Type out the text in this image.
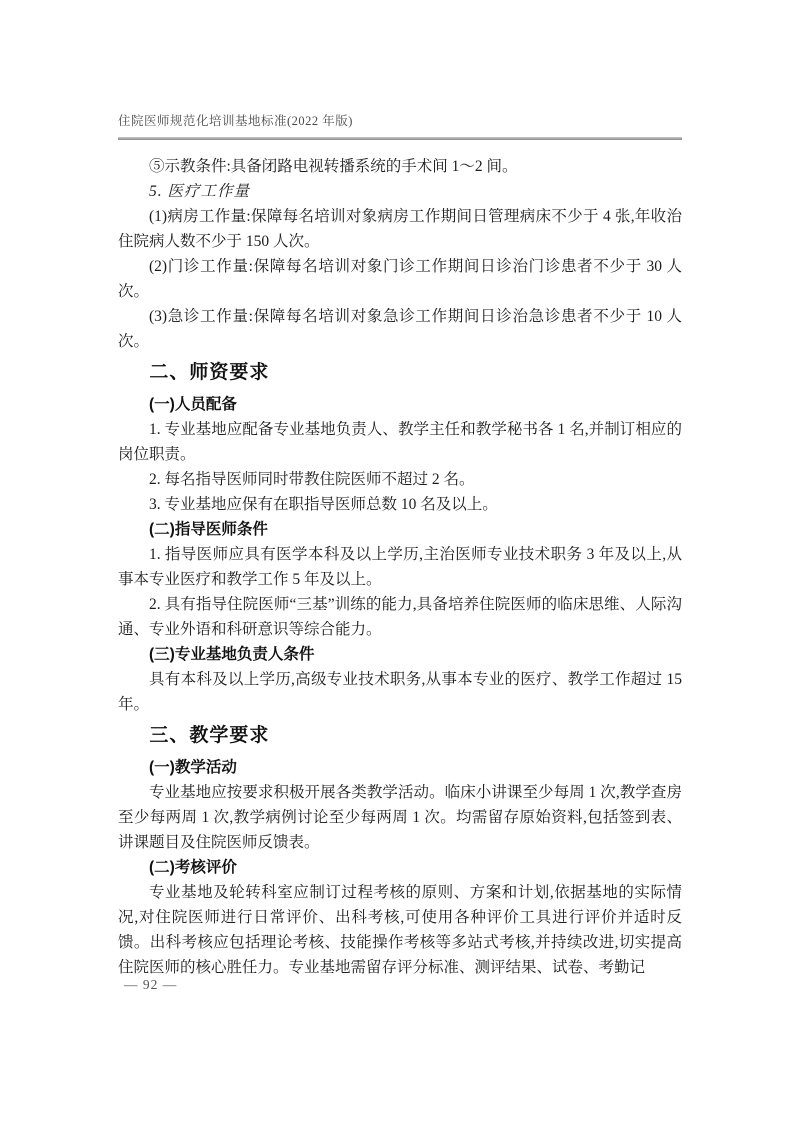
住院医师规范化培训基地标准(2022 年版)

⑤示教条件:具备闭路电视转播系统的手术间 1～2 间。

5. 医疗工作量

(1)病房工作量:保障每名培训对象病房工作期间日管理病床不少于 4 张,年收治住院病人数不少于 150 人次。

(2)门诊工作量:保障每名培训对象门诊工作期间日诊治门诊患者不少于 30 人次。

(3)急诊工作量:保障每名培训对象急诊工作期间日诊治急诊患者不少于 10 人次。

二、师资要求

(一)人员配备

1. 专业基地应配备专业基地负责人、教学主任和教学秘书各 1 名,并制订相应的岗位职责。

2. 每名指导医师同时带教住院医师不超过 2 名。

3. 专业基地应保有在职指导医师总数 10 名及以上。

(二)指导医师条件

1. 指导医师应具有医学本科及以上学历,主治医师专业技术职务 3 年及以上,从事本专业医疗和教学工作 5 年及以上。

2. 具有指导住院医师“三基”训练的能力,具备培养住院医师的临床思维、人际沟通、专业外语和科研意识等综合能力。

(三)专业基地负责人条件

具有本科及以上学历,高级专业技术职务,从事本专业的医疗、教学工作超过 15 年。

三、教学要求

(一)教学活动

专业基地应按要求积极开展各类教学活动。临床小讲课至少每周 1 次,教学查房至少每两周 1 次,教学病例讨论至少每两周 1 次。均需留存原始资料,包括签到表、讲课题目及住院医师反馈表。

(二)考核评价

专业基地及轮转科室应制订过程考核的原则、方案和计划,依据基地的实际情况,对住院医师进行日常评价、出科考核,可使用各种评价工具进行评价并适时反馈。出科考核应包括理论考核、技能操作考核等多站式考核,并持续改进,切实提高住院医师的核心胜任力。专业基地需留存评分标准、测评结果、试卷、考勤记

— 92 —
